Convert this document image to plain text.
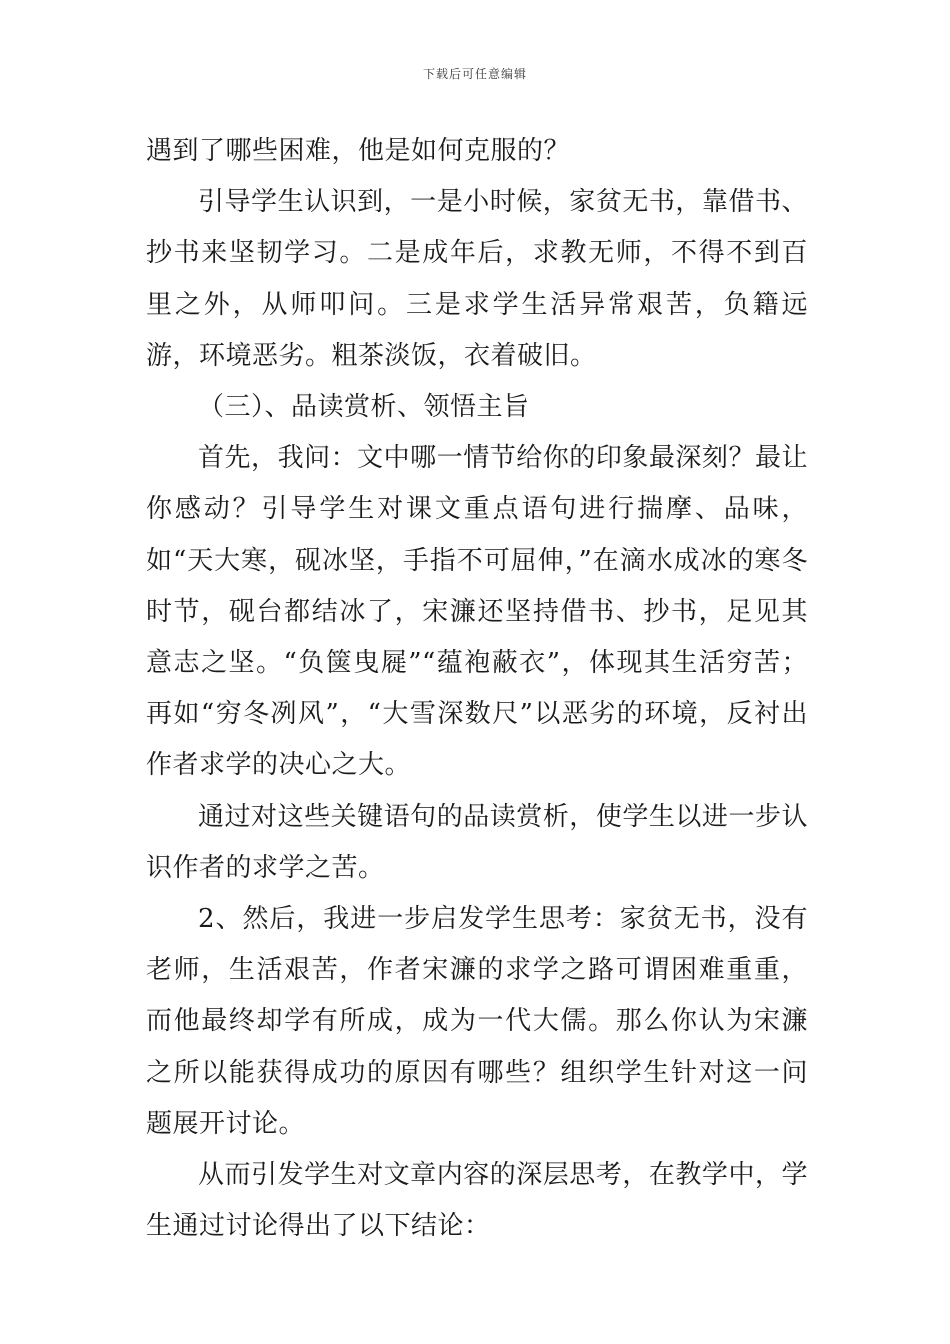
下载后可任意编辑

遇到了哪些困难，他是如何克服的？

引导学生认识到，一是小时候，家贫无书，靠借书、抄书来坚韧学习。二是成年后，求教无师，不得不到百里之外，从师叩问。三是求学生活异常艰苦，负籍远游，环境恶劣。粗茶淡饭，衣着破旧。

（三）、品读赏析、领悟主旨

首先，我问：文中哪一情节给你的印象最深刻？最让你感动？引导学生对课文重点语句进行揣摩、品味，如“天大寒，砚冰坚，手指不可屈伸，”在滴水成冰的寒冬时节，砚台都结冰了，宋濂还坚持借书、抄书，足见其意志之坚。“负箧曳屣”“蕴袍蔽衣”，体现其生活穷苦；再如“穷冬冽风”，“大雪深数尺”以恶劣的环境，反衬出作者求学的决心之大。

通过对这些关键语句的品读赏析，使学生以进一步认识作者的求学之苦。

2、然后，我进一步启发学生思考：家贫无书，没有老师，生活艰苦，作者宋濂的求学之路可谓困难重重，而他最终却学有所成，成为一代大儒。那么你认为宋濂之所以能获得成功的原因有哪些？组织学生针对这一问题展开讨论。

从而引发学生对文章内容的深层思考，在教学中，学生通过讨论得出了以下结论：
